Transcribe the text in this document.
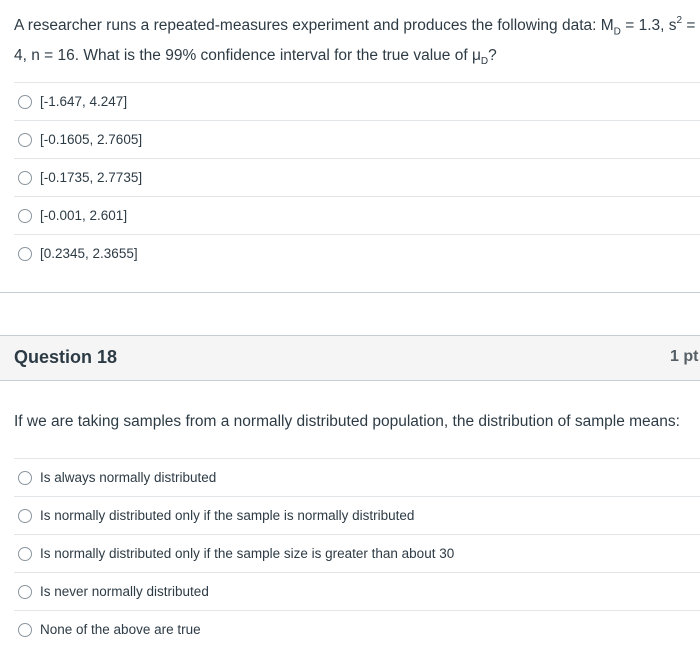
A researcher runs a repeated-measures experiment and produces the following data: $M_D = 1.3$, $s^2 = 4$, n = 16. What is the 99% confidence interval for the true value of $\mu_D$?
[-1.647, 4.247]
[-0.1605, 2.7605]
[-0.1735, 2.7735]
[-0.001, 2.601]
[0.2345, 2.3655]
Question 18	1 pt
If we are taking samples from a normally distributed population, the distribution of sample means:
Is always normally distributed
Is normally distributed only if the sample is normally distributed
Is normally distributed only if the sample size is greater than about 30
Is never normally distributed
None of the above are true
